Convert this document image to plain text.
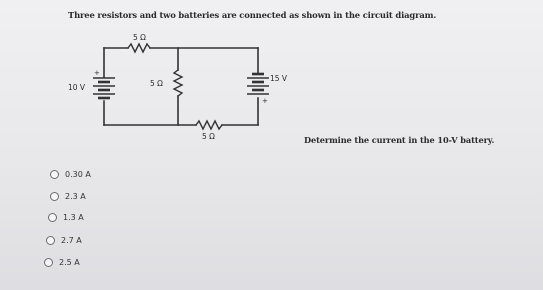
Three resistors and two batteries are connected as shown in the circuit diagram.
5 Ω
5 Ω
5 Ω
10 V
15 V
+
+
Determine the current in the 10-V battery.
0.30 A
2.3 A
1.3 A
2.7 A
2.5 A
